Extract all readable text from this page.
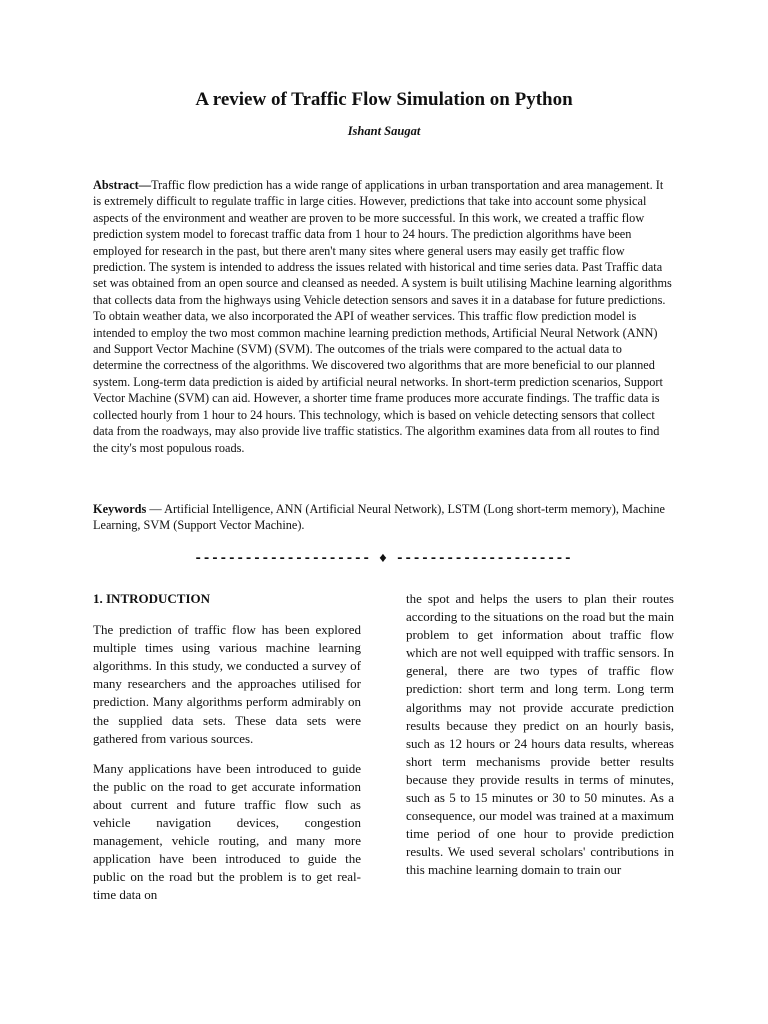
A review of Traffic Flow Simulation on Python
Ishant Saugat

Abstract—Traffic flow prediction has a wide range of applications in urban transportation and area management. It is extremely difficult to regulate traffic in large cities. However, predictions that take into account some physical aspects of the environment and weather are proven to be more successful. In this work, we created a traffic flow prediction system model to forecast traffic data from 1 hour to 24 hours. The prediction algorithms have been employed for research in the past, but there aren't many sites where general users may easily get traffic flow prediction. The system is intended to address the issues related with historical and time series data. Past Traffic data set was obtained from an open source and cleansed as needed. A system is built utilising Machine learning algorithms that collects data from the highways using Vehicle detection sensors and saves it in a database for future predictions. To obtain weather data, we also incorporated the API of weather services. This traffic flow prediction model is intended to employ the two most common machine learning prediction methods, Artificial Neural Network (ANN) and Support Vector Machine (SVM) (SVM). The outcomes of the trials were compared to the actual data to determine the correctness of the algorithms. We discovered two algorithms that are more beneficial to our planned system. Long-term data prediction is aided by artificial neural networks. In short-term prediction scenarios, Support Vector Machine (SVM) can aid. However, a shorter time frame produces more accurate findings. The traffic data is collected hourly from 1 hour to 24 hours. This technology, which is based on vehicle detecting sensors that collect data from the roadways, may also provide live traffic statistics. The algorithm examines data from all routes to find the city's most populous roads.

Keywords — Artificial Intelligence, ANN (Artificial Neural Network), LSTM (Long short-term memory), Machine Learning, SVM (Support Vector Machine).

--------------------- ♦ ---------------------
1. INTRODUCTION

The prediction of traffic flow has been explored multiple times using various machine learning algorithms. In this study, we conducted a survey of many researchers and the approaches utilised for prediction. Many algorithms perform admirably on the supplied data sets. These data sets were gathered from various sources.

Many applications have been introduced to guide the public on the road to get accurate information about current and future traffic flow such as vehicle navigation devices, congestion management, vehicle routing, and many more application have been introduced to guide the public on the road but the problem is to get real-time data on

the spot and helps the users to plan their routes according to the situations on the road but the main problem to get information about traffic flow which are not well equipped with traffic sensors. In general, there are two types of traffic flow prediction: short term and long term. Long term algorithms may not provide accurate prediction results because they predict on an hourly basis, such as 12 hours or 24 hours data results, whereas short term mechanisms provide better results because they provide results in terms of minutes, such as 5 to 15 minutes or 30 to 50 minutes. As a consequence, our model was trained at a maximum time period of one hour to provide prediction results. We used several scholars' contributions in this machine learning domain to train our
